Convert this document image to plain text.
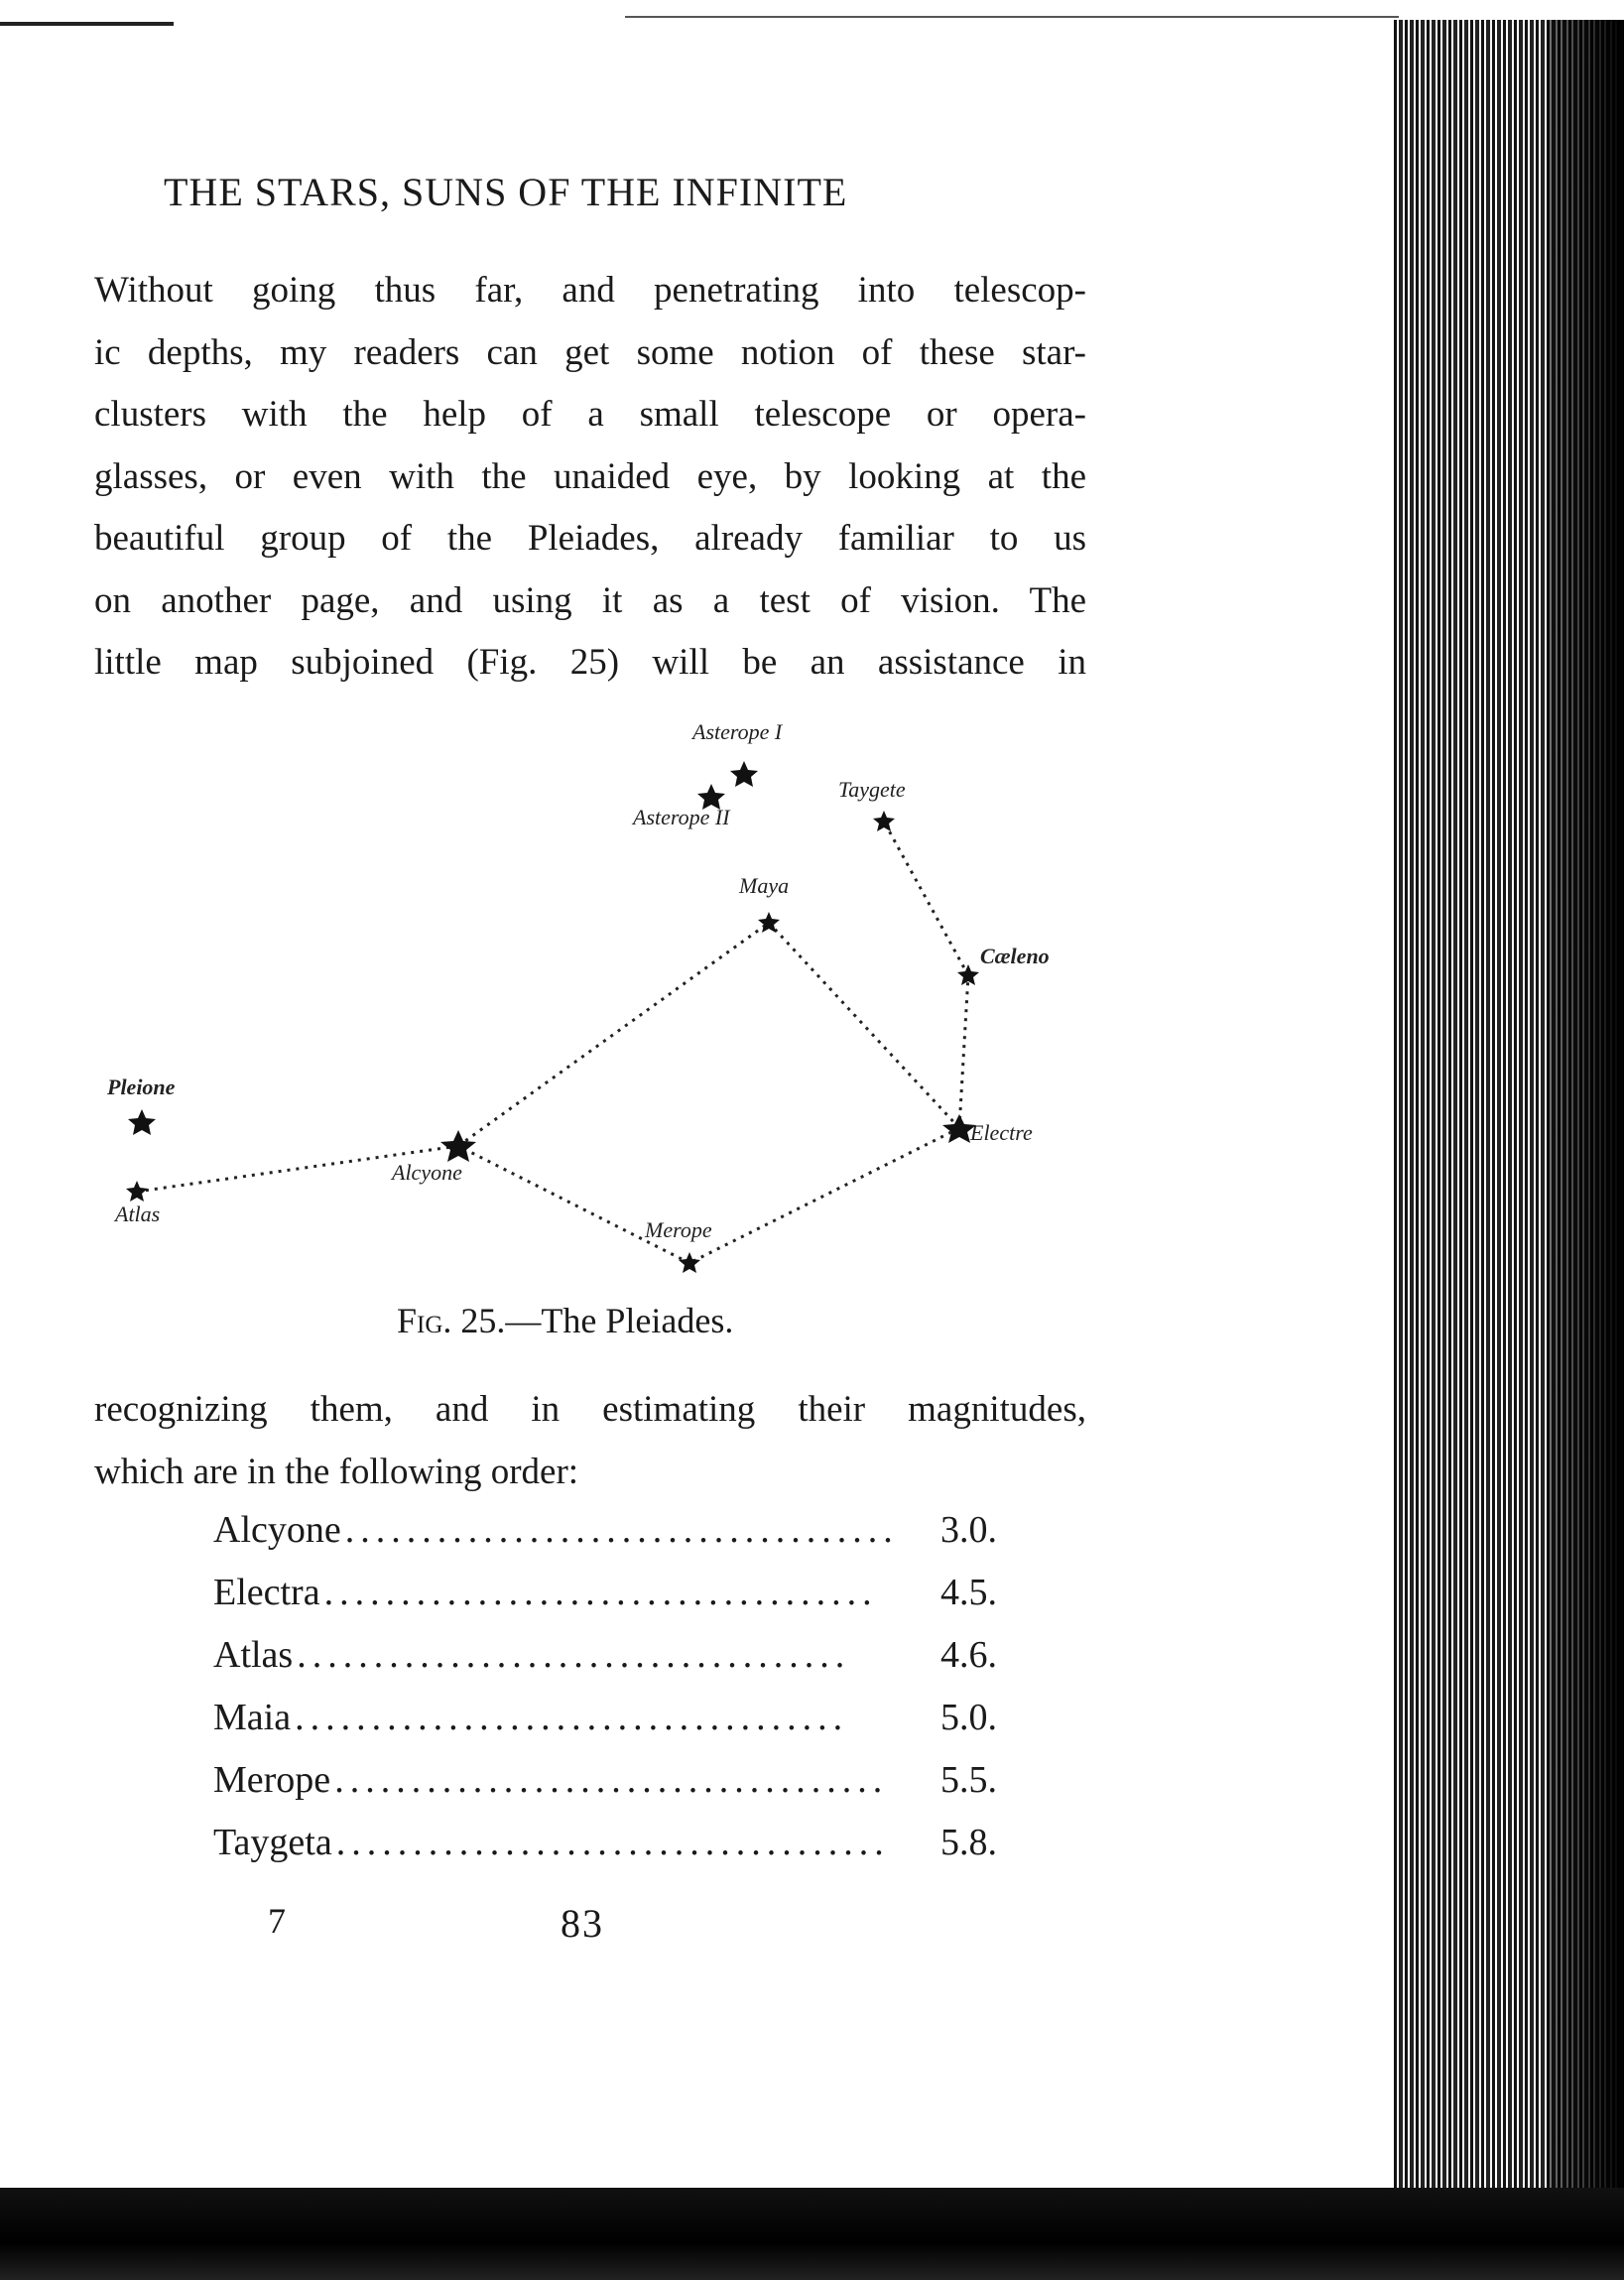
THE STARS, SUNS OF THE INFINITE
Without going thus far, and penetrating into telescop-
ic depths, my readers can get some notion of these star-
clusters with the help of a small telescope or opera-
glasses, or even with the unaided eye, by looking at the
beautiful group of the Pleiades, already familiar to us
on another page, and using it as a test of vision. The
little map subjoined (Fig. 25) will be an assistance in
Asterope I
Asterope II
Taygete
Maya
Cæleno
Pleione
Alcyone
Electre
Atlas
Merope
Fig. 25.—The Pleiades.
recognizing them, and in estimating their magnitudes,
which are in the following order:
Alcyone ....................................	3.0.
Electra ....................................	4.5.
Atlas ....................................	4.6.
Maia ....................................	5.0.
Merope ....................................	5.5.
Taygeta ....................................	5.8.
7	83
